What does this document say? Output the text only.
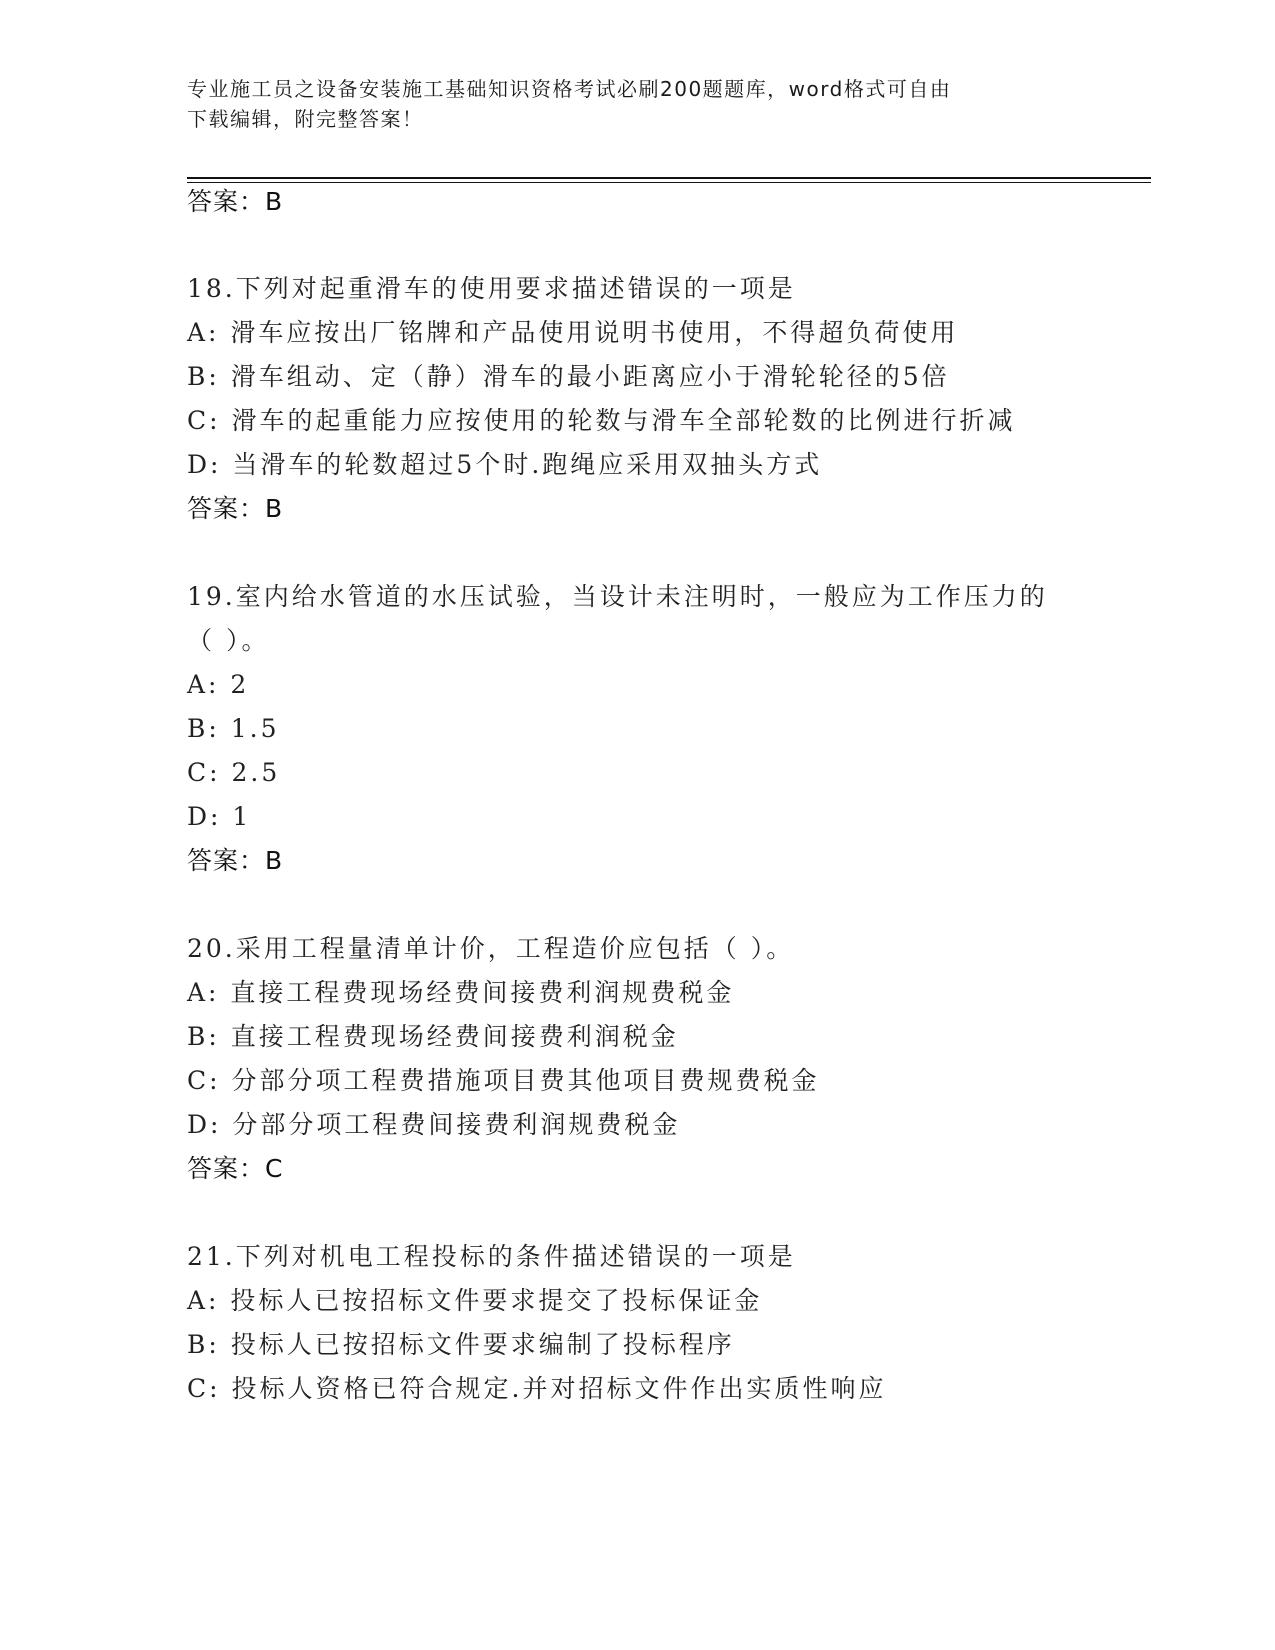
专业施工员之设备安装施工基础知识资格考试必刷200题题库，word格式可自由
下载编辑，附完整答案！
答案：B
18.下列对起重滑车的使用要求描述错误的一项是
A: 滑车应按出厂铭牌和产品使用说明书使用，不得超负荷使用
B: 滑车组动、定（静）滑车的最小距离应小于滑轮轮径的5倍
C: 滑车的起重能力应按使用的轮数与滑车全部轮数的比例进行折减
D: 当滑车的轮数超过5个时.跑绳应采用双抽头方式
答案：B
19.室内给水管道的水压试验，当设计未注明时，一般应为工作压力的
（ ）。
A: 2
B: 1.5
C: 2.5
D: 1
答案：B
20.采用工程量清单计价，工程造价应包括（ ）。
A: 直接工程费现场经费间接费利润规费税金
B: 直接工程费现场经费间接费利润税金
C: 分部分项工程费措施项目费其他项目费规费税金
D: 分部分项工程费间接费利润规费税金
答案：C
21.下列对机电工程投标的条件描述错误的一项是
A: 投标人已按招标文件要求提交了投标保证金
B: 投标人已按招标文件要求编制了投标程序
C: 投标人资格已符合规定.并对招标文件作出实质性响应
